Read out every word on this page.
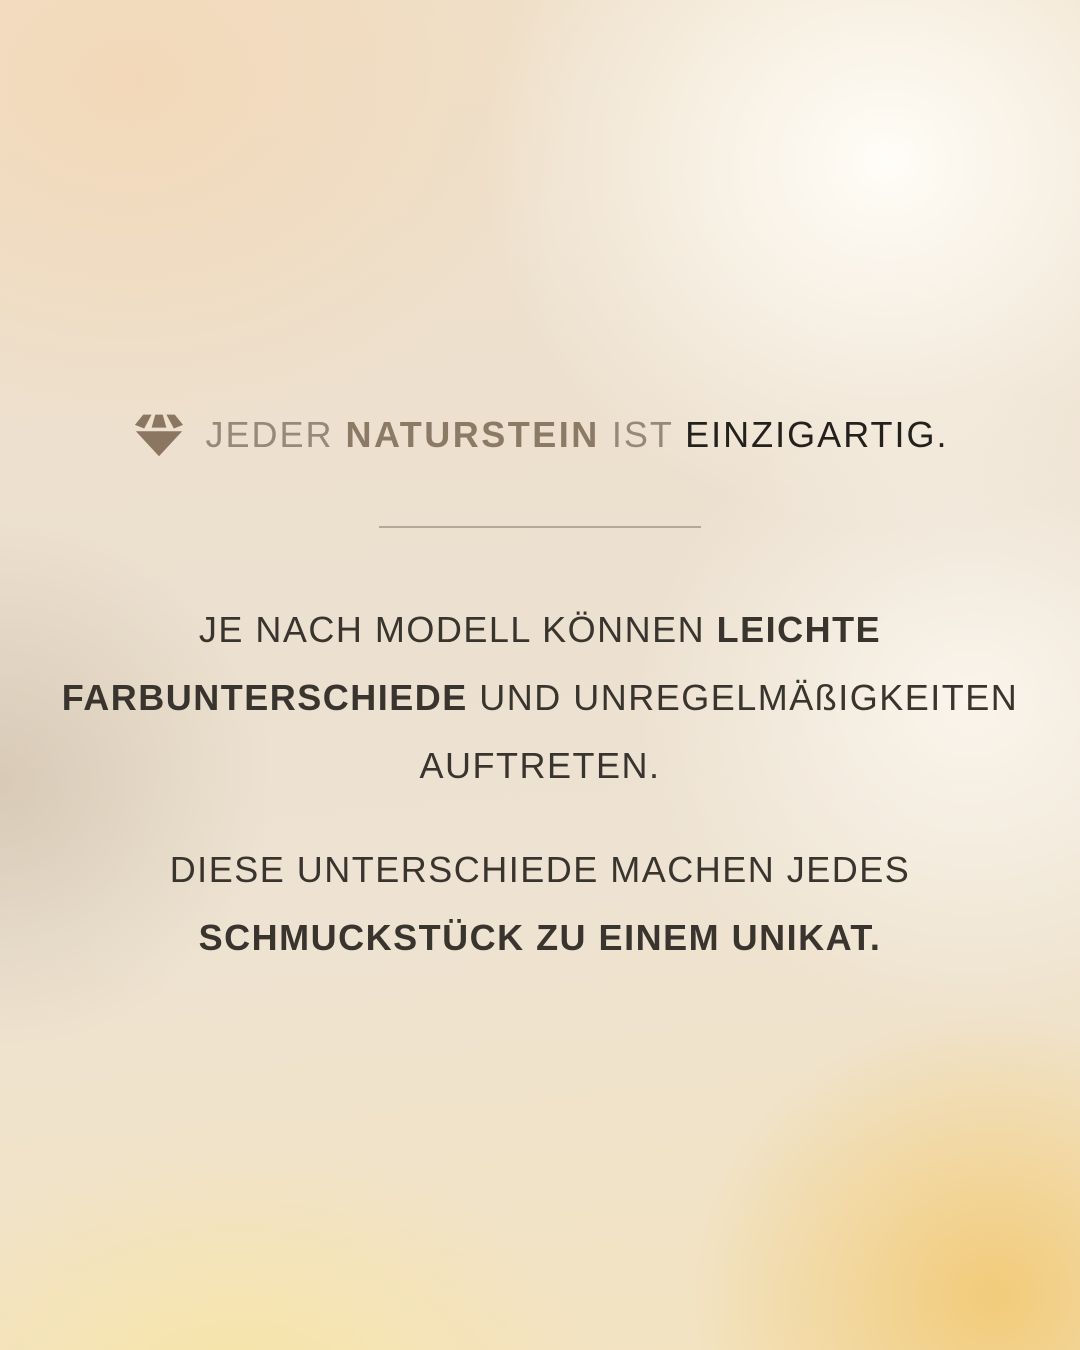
JEDER NATURSTEIN IST EINZIGARTIG.

JE NACH MODELL KÖNNEN LEICHTE
FARBUNTERSCHIEDE UND UNREGELMÄßIGKEITEN
AUFTRETEN.

DIESE UNTERSCHIEDE MACHEN JEDES
SCHMUCKSTÜCK ZU EINEM UNIKAT.
